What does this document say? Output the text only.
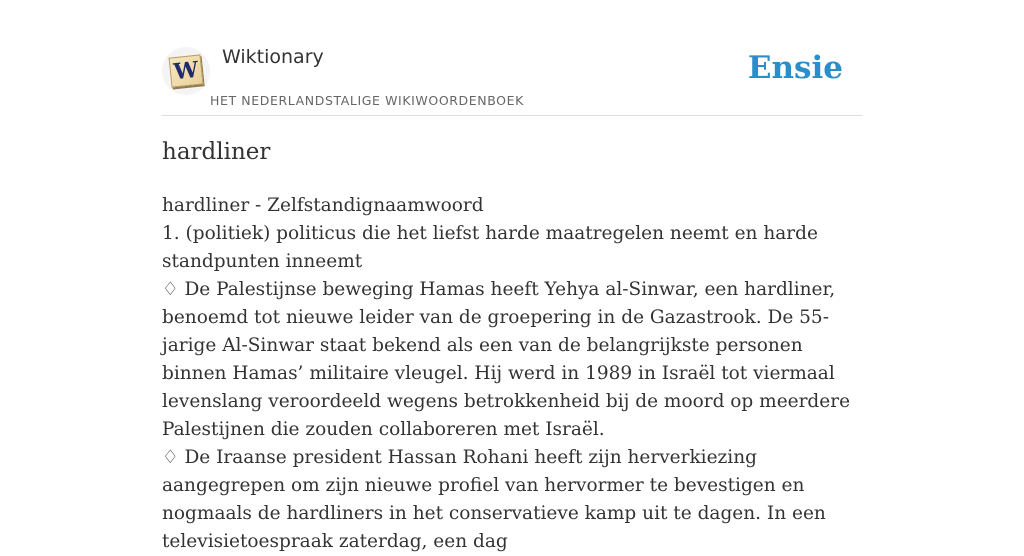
W Wiktionary
HET NEDERLANDSTALIGE WIKIWOORDENBOEK
Ensie
hardliner

hardliner - Zelfstandignaamwoord

1. (politiek) politicus die het liefst harde maatregelen neemt en harde standpunten inneemt

♢ De Palestijnse beweging Hamas heeft Yehya al-Sinwar, een hardliner, benoemd tot nieuwe leider van de groepering in de Gazastrook. De 55-jarige Al-Sinwar staat bekend als een van de belangrijkste personen binnen Hamas’ militaire vleugel. Hij werd in 1989 in Israël tot viermaal levenslang veroordeeld wegens betrokkenheid bij de moord op meerdere Palestijnen die zouden collaboreren met Israël.

♢ De Iraanse president Hassan Rohani heeft zijn herverkiezing aangegrepen om zijn nieuwe profiel van hervormer te bevestigen en nogmaals de hardliners in het conservatieve kamp uit te dagen. In een televisietoespraak zaterdag, een dag
